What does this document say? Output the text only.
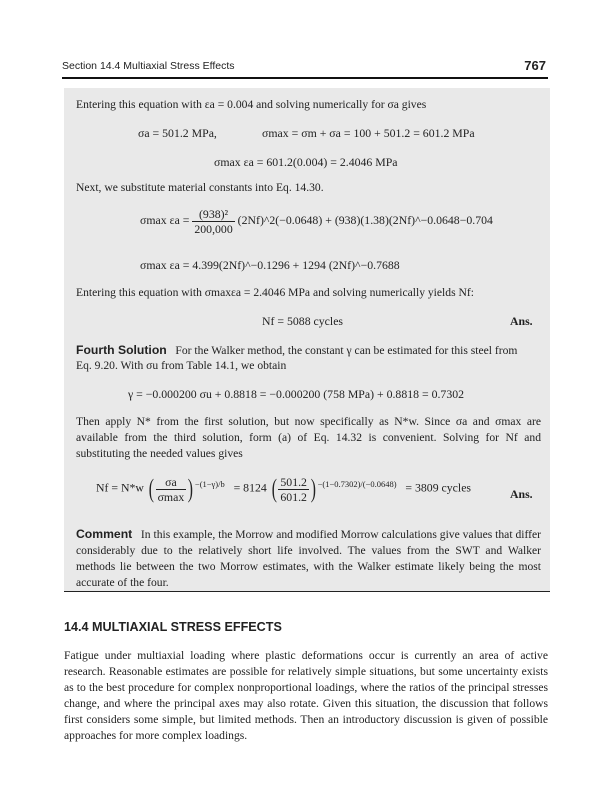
Section 14.4 Multiaxial Stress Effects	767
Entering this equation with εa = 0.004 and solving numerically for σa gives
σa = 501.2 MPa,	σmax = σm + σa = 100 + 501.2 = 601.2 MPa
σmax εa = 601.2(0.004) = 2.4046 MPa
Next, we substitute material constants into Eq. 14.30.
σmax $\varepsilon a = \frac{\text{(938)²}}{200,000}$ (2Nf)^2(−0.0648) + (938)(1.38)(2Nf)^−0.0648−0.704
σmax εa = 4.399(2Nf)^−0.1296 + 1294 (2Nf)^−0.7688
Entering this equation with σmaxεa = 2.4046 MPa and solving numerically yields Nf:
Nf = 5088 cycles	Ans.
Fourth Solution For the Walker method, the constant γ can be estimated for this steel from
Eq. 9.20. With σu from Table 14.1, we obtain
γ = −0.000200 σu + 0.8818 = −0.000200 (758 MPa) + 0.8818 = 0.7302
Then apply N* from the first solution, but now specifically as N*w. Since σa and σmax are available from the third solution, form (a) of Eq. 14.32 is convenient. Solving for Nf and substituting the needed values gives
Nf = N*w ( $\frac{\sigma a}{\sigma\max}$ ) $^{-(1-\gamma)/b}$ = 8124 ( $\frac{501.2}{601.2}$ ) $^{-(1-0.7302)/(-0.0648)}$ = 3809 cycles	Ans.
Comment In this example, the Morrow and modified Morrow calculations give values that differ considerably due to the relatively short life involved. The values from the SWT and Walker methods lie between the two Morrow estimates, with the Walker estimate likely being the most accurate of the four.
14.4 MULTIAXIAL STRESS EFFECTS
Fatigue under multiaxial loading where plastic deformations occur is currently an area of active research. Reasonable estimates are possible for relatively simple situations, but some uncertainty exists as to the best procedure for complex nonproportional loadings, where the ratios of the principal stresses change, and where the principal axes may also rotate. Given this situation, the discussion that follows first considers some simple, but limited methods. Then an introductory discussion is given of possible approaches for more complex loadings.
